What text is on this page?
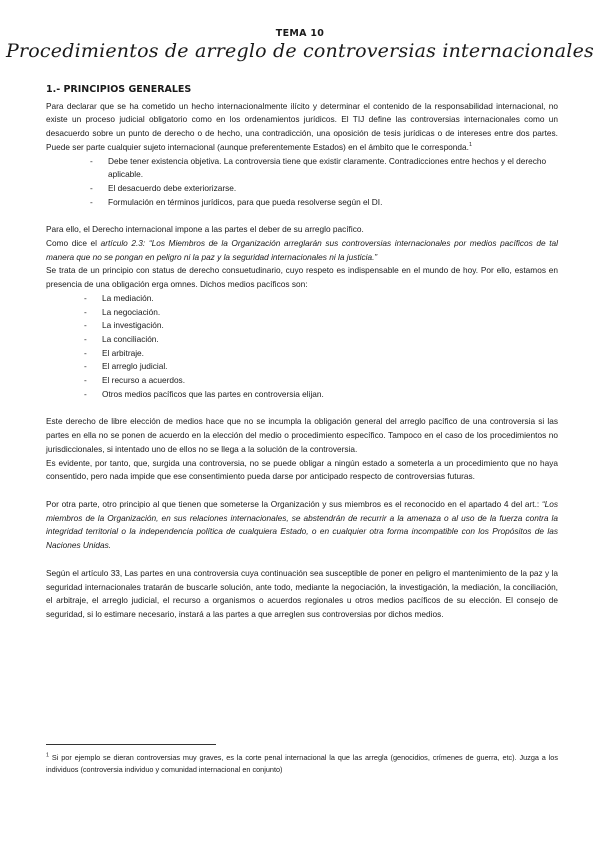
TEMA 10
Procedimientos de arreglo de controversias internacionales
1.- PRINCIPIOS GENERALES

Para declarar que se ha cometido un hecho internacionalmente ilícito y determinar el contenido de la responsabilidad internacional, no existe un proceso judicial obligatorio como en los ordenamientos jurídicos. El TIJ define las controversias internacionales como un desacuerdo sobre un punto de derecho o de hecho, una contradicción, una oposición de tesis jurídicas o de intereses entre dos partes. Puede ser parte cualquier sujeto internacional (aunque preferentemente Estados) en el ámbito que le corresponda.$^1$

- Debe tener existencia objetiva. La controversia tiene que existir claramente. Contradicciones entre hechos y el derecho aplicable.
- El desacuerdo debe exteriorizarse.
- Formulación en términos jurídicos, para que pueda resolverse según el DI.

Para ello, el Derecho internacional impone a las partes el deber de su arreglo pacífico.

Como dice el artículo 2.3: “Los Miembros de la Organización arreglarán sus controversias internacionales por medios pacíficos de tal manera que no se pongan en peligro ni la paz y la seguridad internacionales ni la justicia.”

Se trata de un principio con status de derecho consuetudinario, cuyo respeto es indispensable en el mundo de hoy. Por ello, estamos en presencia de una obligación erga omnes. Dichos medios pacíficos son:

- La mediación.
- La negociación.
- La investigación.
- La conciliación.
- El arbitraje.
- El arreglo judicial.
- El recurso a acuerdos.
- Otros medios pacíficos que las partes en controversia elijan.

Este derecho de libre elección de medios hace que no se incumpla la obligación general del arreglo pacífico de una controversia si las partes en ella no se ponen de acuerdo en la elección del medio o procedimiento específico. Tampoco en el caso de los procedimientos no jurisdiccionales, si intentado uno de ellos no se llega a la solución de la controversia.

Es evidente, por tanto, que, surgida una controversia, no se puede obligar a ningún estado a someterla a un procedimiento que no haya consentido, pero nada impide que ese consentimiento pueda darse por anticipado respecto de controversias futuras.

Por otra parte, otro principio al que tienen que someterse la Organización y sus miembros es el reconocido en el apartado 4 del art.: “Los miembros de la Organización, en sus relaciones internacionales, se abstendrán de recurrir a la amenaza o al uso de la fuerza contra la integridad territorial o la independencia política de cualquiera Estado, o en cualquier otra forma incompatible con los Propósitos de las Naciones Unidas.

Según el artículo 33, Las partes en una controversia cuya continuación sea susceptible de poner en peligro el mantenimiento de la paz y la seguridad internacionales tratarán de buscarle solución, ante todo, mediante la negociación, la investigación, la mediación, la conciliación, el arbitraje, el arreglo judicial, el recurso a organismos o acuerdos regionales u otros medios pacíficos de su elección. El consejo de seguridad, si lo estimare necesario, instará a las partes a que arreglen sus controversias por dichos medios.

$^1$ Si por ejemplo se dieran controversias muy graves, es la corte penal internacional la que las arregla (genocidios, crímenes de guerra, etc). Juzga a los individuos (controversia individuo y comunidad internacional en conjunto)
